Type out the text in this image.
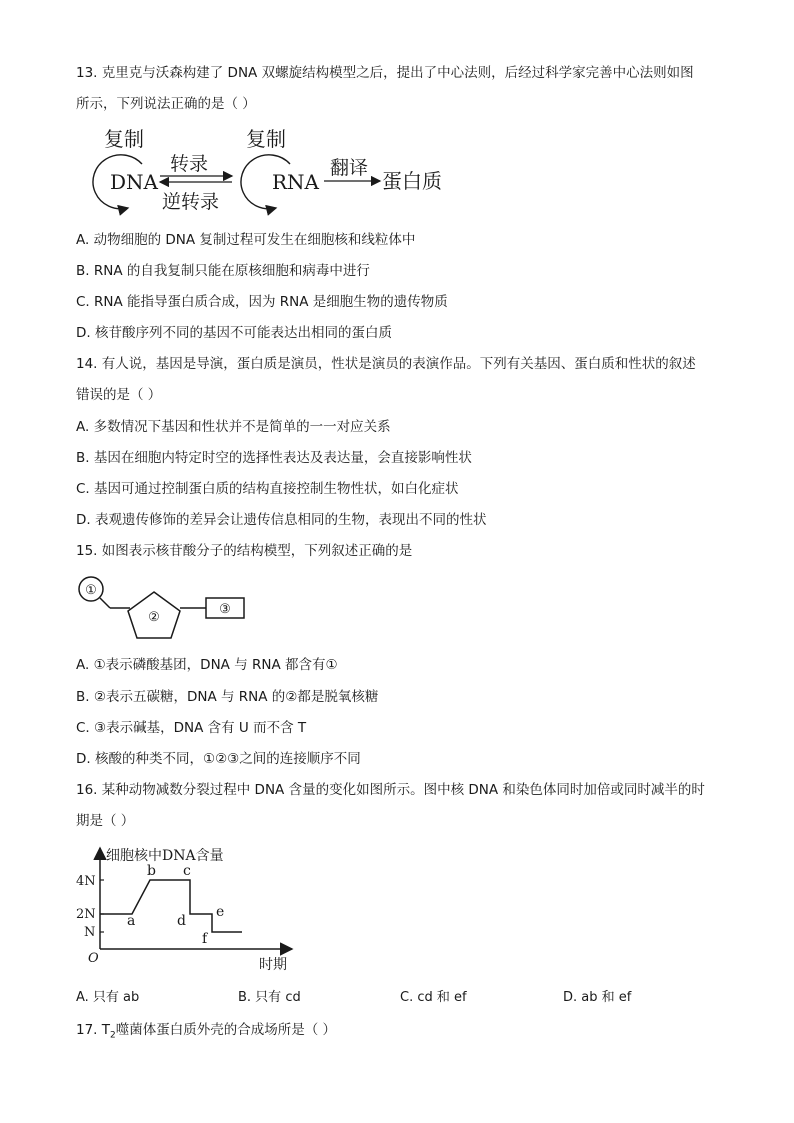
13. 克里克与沃森构建了 DNA 双螺旋结构模型之后，提出了中心法则，后经过科学家完善中心法则如图
所示，下列说法正确的是（ ）
复制
DNA
转录
逆转录
复制
RNA
翻译
蛋白质
A. 动物细胞的 DNA 复制过程可发生在细胞核和线粒体中
B. RNA 的自我复制只能在原核细胞和病毒中进行
C. RNA 能指导蛋白质合成，因为 RNA 是细胞生物的遗传物质
D. 核苷酸序列不同的基因不可能表达出相同的蛋白质
14. 有人说，基因是导演，蛋白质是演员，性状是演员的表演作品。下列有关基因、蛋白质和性状的叙述
错误的是（ ）
A. 多数情况下基因和性状并不是简单的一一对应关系
B. 基因在细胞内特定时空的选择性表达及表达量，会直接影响性状
C. 基因可通过控制蛋白质的结构直接控制生物性状，如白化症状
D. 表观遗传修饰的差异会让遗传信息相同的生物，表现出不同的性状
15. 如图表示核苷酸分子的结构模型，下列叙述正确的是
①
②
③
A. ①表示磷酸基团，DNA 与 RNA 都含有①
B. ②表示五碳糖，DNA 与 RNA 的②都是脱氧核糖
C. ③表示碱基，DNA 含有 U 而不含 T
D. 核酸的种类不同，①②③之间的连接顺序不同
16. 某种动物减数分裂过程中 DNA 含量的变化如图所示。图中核 DNA 和染色体同时加倍或同时减半的时
期是（ ）
细胞核中DNA含量
时期
O
4N
2N
N
a
b c
d
e
f
A. 只有 ab	B. 只有 cd	C. cd 和 ef	D. ab 和 ef
17. $T_2$噬菌体蛋白质外壳的合成场所是（ ）
